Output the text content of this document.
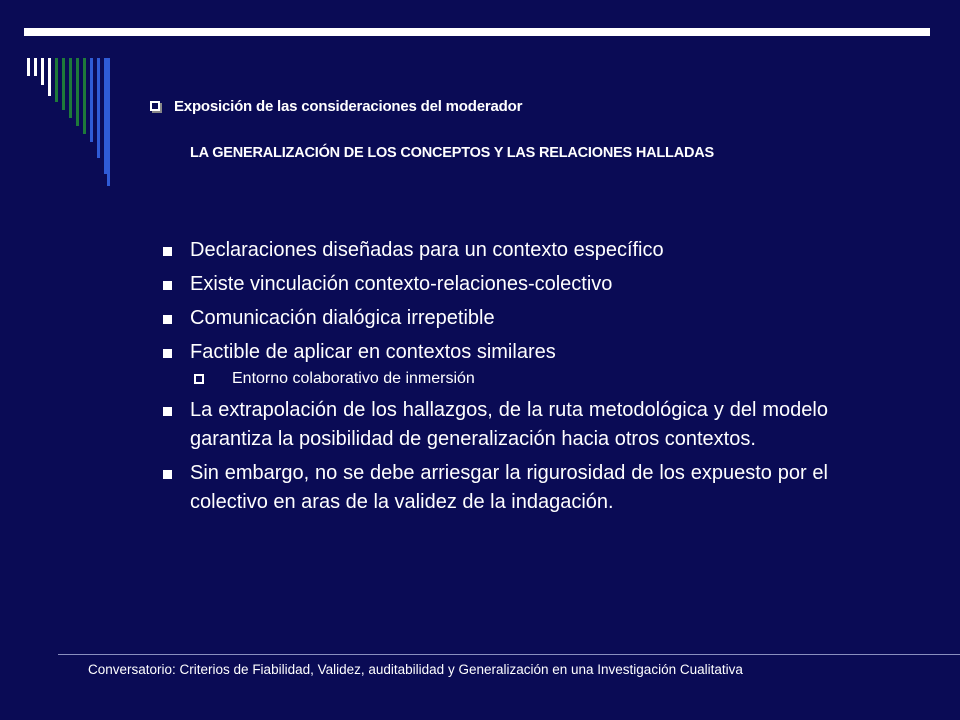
Exposición de las consideraciones del moderador
LA GENERALIZACIÓN DE LOS CONCEPTOS Y LAS RELACIONES HALLADAS
Declaraciones diseñadas para un contexto específico
Existe vinculación contexto-relaciones-colectivo
Comunicación dialógica irrepetible
Factible de aplicar en contextos similares
Entorno colaborativo de inmersión
La extrapolación de los hallazgos, de la ruta metodológica y del modelo garantiza la posibilidad de generalización hacia otros contextos.
Sin embargo, no se debe arriesgar la rigurosidad de los expuesto por el colectivo en aras de la validez de la indagación.
Conversatorio: Criterios de Fiabilidad, Validez, auditabilidad y Generalización en una Investigación Cualitativa
